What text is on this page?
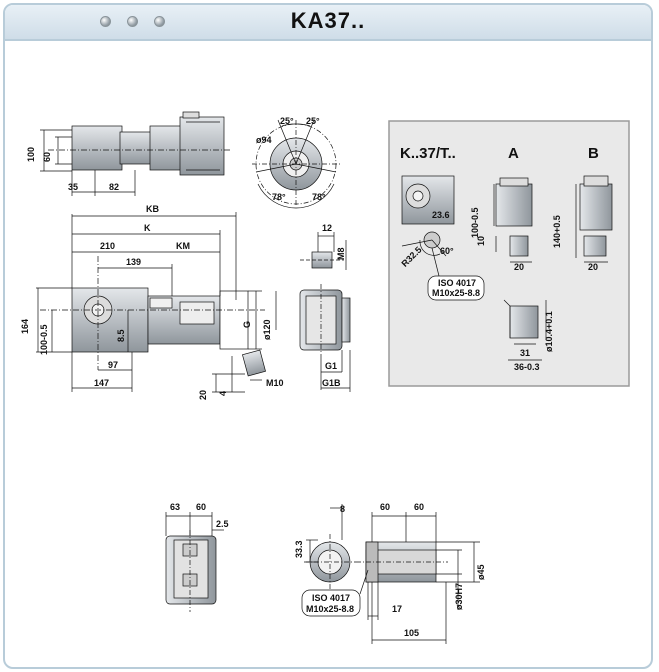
KA37..
100 60
35	82
25° 25°
ø94
78°	78°
KB
K
210	KM
139
164 100-0.5	8.5
97
147
G ø120
20 4
M10
12
M8
G1
G1B
K..37/T..	A	B
23.6 100-0.5
10
R32.5 60°
20
140+0.5
20
ø10.4+0.1
31
36-0.3
ISO 4017
M10x25-8.8
63 60
2.5
8	60	60
33.3
ø45
ø30H7
17
105
ISO 4017
M10x25-8.8
